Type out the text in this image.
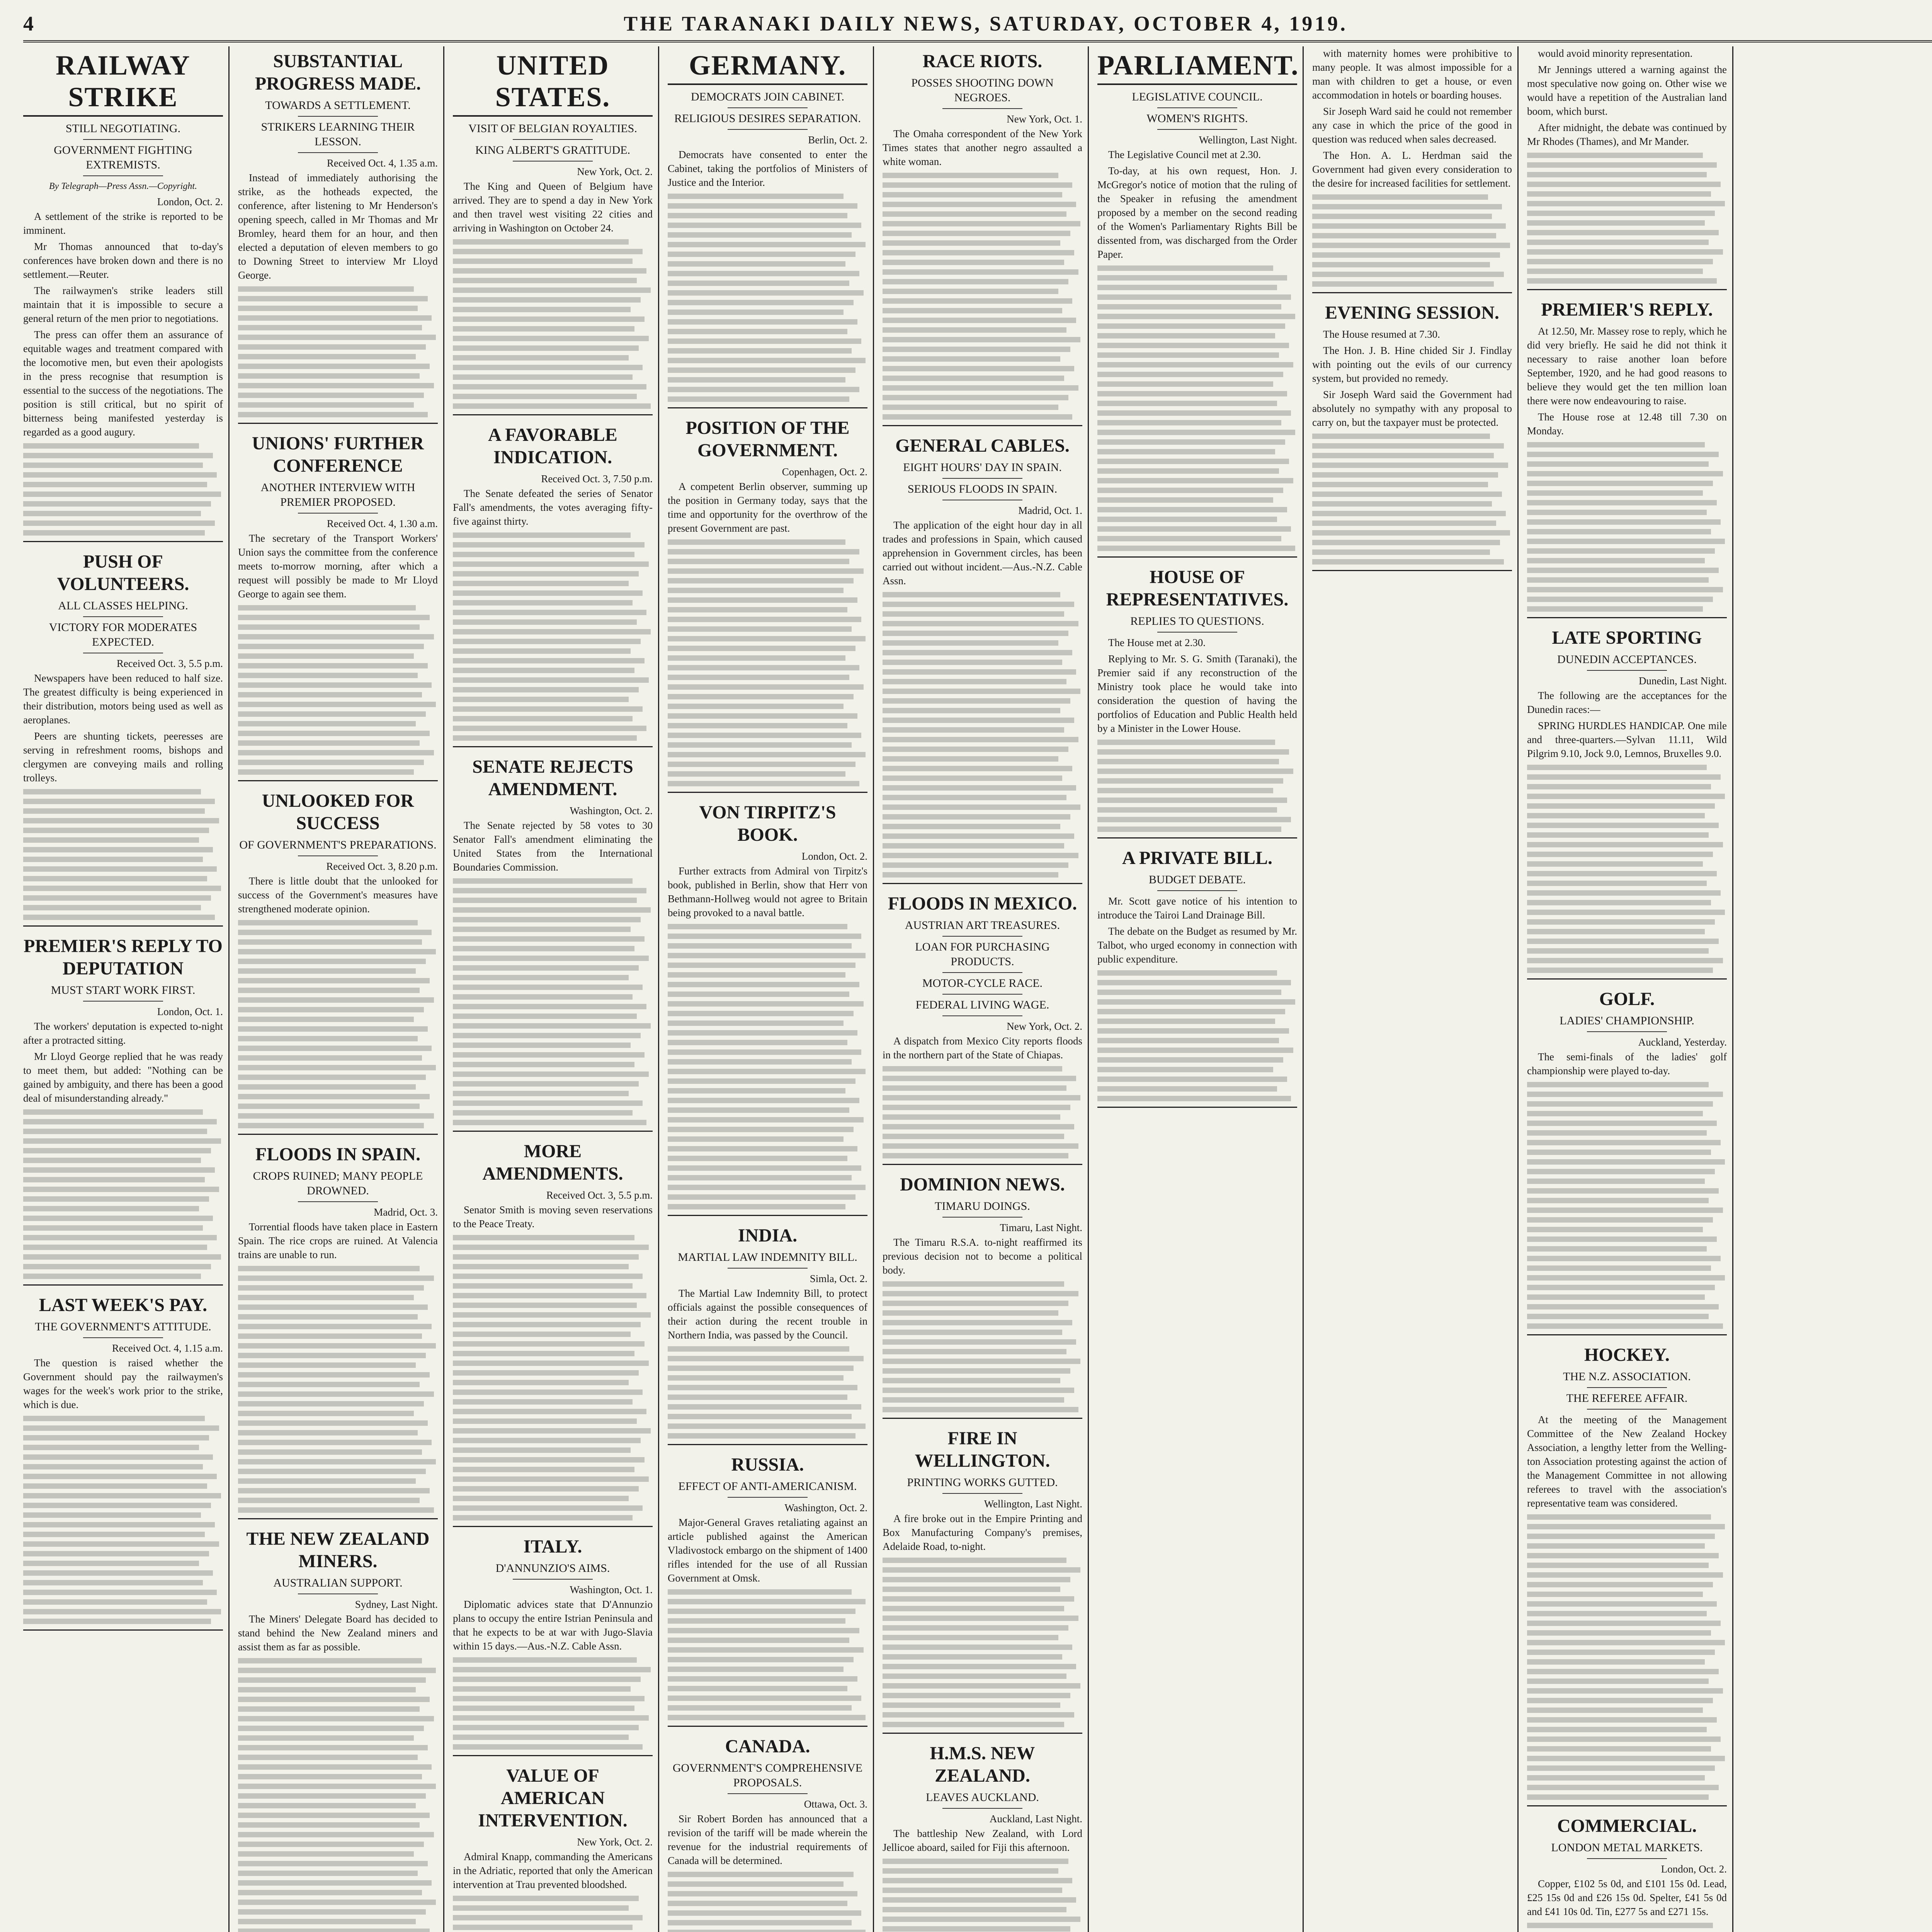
4	THE TARANAKI DAILY NEWS, SATURDAY, OCTOBER 4, 1919.
RAILWAY STRIKE
STILL NEGOTIATING.
GOVERNMENT FIGHTING EXTREMISTS.
By Telegraph—Press Assn.—Copyright.
London, Oct. 2.

A settlement of the strike is reported to be imminent.

Mr Thomas announced that to-day's conferences have broken down and there is no settlement.—Reuter.

The railwaymen's strike leaders still maintain that it is impossible to secure a general return of the men prior to negotiations.

The press can offer them an assurance of equitable wages and treatment compared with the locomotive men, but even their apologists in the press recognise that resumption is essential to the success of the negotiations. The position is still critical, but no spirit of bitterness being manifested yesterday is regarded as a good augury.

PUSH OF VOLUNTEERS.
ALL CLASSES HELPING.
VICTORY FOR MODERATES EXPECTED.
Received Oct. 3, 5.5 p.m.

Newspapers have been reduced to half size. The greatest difficulty is being experienced in their distribution, motors being used as well as aeroplanes.

Peers are shunting tickets, peeresses are serving in refreshment rooms, bishops and clergymen are conveying mails and rolling trolleys.

PREMIER'S REPLY TO DEPUTATION
MUST START WORK FIRST.
London, Oct. 1.

The workers' deputation is expected to-night after a protracted sitting.

Mr Lloyd George replied that he was ready to meet them, but added: "Nothing can be gained by ambiguity, and there has been a good deal of misunderstanding already."

LAST WEEK'S PAY.
THE GOVERNMENT'S ATTITUDE.
Received Oct. 4, 1.15 a.m.

The question is raised whether the Government should pay the railwaymen's wages for the week's work prior to the strike, which is due.

SUBSTANTIAL PROGRESS MADE.
TOWARDS A SETTLEMENT.
STRIKERS LEARNING THEIR LESSON.
Received Oct. 4, 1.35 a.m.

Instead of immediately authorising the strike, as the hotheads expected, the conference, after listening to Mr Henderson's opening speech, called in Mr Thomas and Mr Bromley, heard them for an hour, and then elected a deputation of eleven members to go to Downing Street to interview Mr Lloyd George.

UNIONS' FURTHER CONFERENCE
ANOTHER INTERVIEW WITH PREMIER PROPOSED.
Received Oct. 4, 1.30 a.m.

The secretary of the Transport Workers' Union says the committee from the conference meets to-morrow morning, after which a request will possibly be made to Mr Lloyd George to again see them.

UNLOOKED FOR SUCCESS
OF GOVERNMENT'S PREPARATIONS.
Received Oct. 3, 8.20 p.m.

There is little doubt that the unlooked for success of the Government's measures have strengthened moderate opinion.

FLOODS IN SPAIN.
CROPS RUINED; MANY PEOPLE DROWNED.
Madrid, Oct. 3.

Torrential floods have taken place in Eastern Spain. The rice crops are ruined. At Valencia trains are unable to run.

THE NEW ZEALAND MINERS.
AUSTRALIAN SUPPORT.
Sydney, Last Night.

The Miners' Delegate Board has decided to stand behind the New Zealand miners and assist them as far as possible.

UNITED STATES.
VISIT OF BELGIAN ROYALTIES.
KING ALBERT'S GRATITUDE.
New York, Oct. 2.

The King and Queen of Belgium have arrived. They are to spend a day in New York and then travel west visiting 22 cities and arriving in Washington on October 24.

A FAVORABLE INDICATION.
Received Oct. 3, 7.50 p.m.

The Senate defeated the series of Senator Fall's amendments, the votes averaging fifty-five against thirty.

SENATE REJECTS AMENDMENT.
Washington, Oct. 2.

The Senate rejected by 58 votes to 30 Senator Fall's amendment eliminating the United States from the International Boundaries Commission.

MORE AMENDMENTS.
Received Oct. 3, 5.5 p.m.

Senator Smith is moving seven reservations to the Peace Treaty.

ITALY.
D'ANNUNZIO'S AIMS.
Washington, Oct. 1.

Diplomatic advices state that D'Annunzio plans to occupy the entire Istrian Peninsula and that he expects to be at war with Jugo-Slavia within 15 days.—Aus.-N.Z. Cable Assn.

VALUE OF AMERICAN INTERVENTION.
New York, Oct. 2.

Admiral Knapp, commanding the Americans in the Adriatic, reported that only the American intervention at Trau prevented bloodshed.

GERMANY.
DEMOCRATS JOIN CABINET.
RELIGIOUS DESIRES SEPARATION.
Berlin, Oct. 2.

Democrats have consented to enter the Cabinet, taking the portfolios of Ministers of Justice and the Interior.

POSITION OF THE GOVERNMENT.
Copenhagen, Oct. 2.

A competent Berlin observer, summing up the position in Germany today, says that the time and opportunity for the overthrow of the present Government are past.

VON TIRPITZ'S BOOK.
London, Oct. 2.

Further extracts from Admiral von Tirpitz's book, published in Berlin, show that Herr von Bethmann-Hollweg would not agree to Britain being provoked to a naval battle.

INDIA.
MARTIAL LAW INDEMNITY BILL.
Simla, Oct. 2.

The Martial Law Indemnity Bill, to protect officials against the possible consequences of their action during the recent trouble in Northern India, was passed by the Council.

RUSSIA.
EFFECT OF ANTI-AMERICANISM.
Washington, Oct. 2.

Major-General Graves retaliating against an article published against the American Vladivostock embargo on the shipment of 1400 rifles intended for the use of all Russian Government at Omsk.

CANADA.
GOVERNMENT'S COMPREHENSIVE PROPOSALS.
Ottawa, Oct. 3.

Sir Robert Borden has announced that a revision of the tariff will be made wherein the revenue for the industrial requirements of Canada will be determined.

RACE RIOTS.
POSSES SHOOTING DOWN NEGROES.
New York, Oct. 1.

The Omaha correspondent of the New York Times states that another negro assaulted a white woman.

GENERAL CABLES.
EIGHT HOURS' DAY IN SPAIN.
SERIOUS FLOODS IN SPAIN.
Madrid, Oct. 1.

The application of the eight hour day in all trades and professions in Spain, which caused apprehension in Government circles, has been carried out without incident.—Aus.-N.Z. Cable Assn.

FLOODS IN MEXICO.
AUSTRIAN ART TREASURES.
LOAN FOR PURCHASING PRODUCTS.
MOTOR-CYCLE RACE.
FEDERAL LIVING WAGE.
New York, Oct. 2.

A dispatch from Mexico City reports floods in the northern part of the State of Chiapas.

DOMINION NEWS.
TIMARU DOINGS.
Timaru, Last Night.

The Timaru R.S.A. to-night reaffirmed its previous decision not to become a political body.

FIRE IN WELLINGTON.
PRINTING WORKS GUTTED.
Wellington, Last Night.

A fire broke out in the Empire Printing and Box Manufacturing Company's premises, Adelaide Road, to-night.

H.M.S. NEW ZEALAND.
LEAVES AUCKLAND.
Auckland, Last Night.

The battleship New Zealand, with Lord Jellicoe aboard, sailed for Fiji this afternoon.

PARLIAMENT.
LEGISLATIVE COUNCIL.
WOMEN'S RIGHTS.
Wellington, Last Night.

The Legislative Council met at 2.30.

To-day, at his own request, Hon. J. McGregor's notice of motion that the ruling of the Speaker in refusing the amendment proposed by a member on the second reading of the Women's Parliamentary Rights Bill be dissented from, was discharged from the Order Paper.

HOUSE OF REPRESENTATIVES.
REPLIES TO QUESTIONS.

The House met at 2.30.

Replying to Mr. S. G. Smith (Taranaki), the Premier said if any reconstruction of the Ministry took place he would take into consideration the question of having the portfolios of Education and Public Health held by a Minister in the Lower House.

A PRIVATE BILL.
BUDGET DEBATE.

Mr. Scott gave notice of his intention to introduce the Tairoi Land Drainage Bill.

The debate on the Budget as resumed by Mr. Talbot, who urged economy in connection with public expenditure.

with maternity homes were prohibitive to many people. It was almost impossible for a man with children to get a house, or even accommodation in hotels or boarding houses.

Sir Joseph Ward said he could not remember any case in which the price of the good in question was reduced when sales decreased.

The Hon. A. L. Herdman said the Government had given every consideration to the desire for increased facilities for settlement.

EVENING SESSION.

The House resumed at 7.30.

The Hon. J. B. Hine chided Sir J. Findlay with pointing out the evils of our currency system, but provided no remedy.

Sir Joseph Ward said the Government had absolutely no sympathy with any proposal to carry on, but the taxpayer must be protected.

would avoid minority representation.

Mr Jennings uttered a warning against the most speculative now going on. Other wise we would have a repetition of the Australian land boom, which burst.

After midnight, the debate was continued by Mr Rhodes (Thames), and Mr Mander.

PREMIER'S REPLY.

At 12.50, Mr. Massey rose to reply, which he did very briefly. He said he did not think it necessary to raise another loan before September, 1920, and he had good reasons to believe they would get the ten million loan there were now endeavouring to raise.

The House rose at 12.48 till 7.30 on Monday.

LATE SPORTING
DUNEDIN ACCEPTANCES.
Dunedin, Last Night.

The following are the acceptances for the Dunedin races:—

SPRING HURDLES HANDICAP. One mile and three-quarters.—Sylvan 11.11, Wild Pilgrim 9.10, Jock 9.0, Lemnos, Bruxelles 9.0.

GOLF.
LADIES' CHAMPIONSHIP.
Auckland, Yesterday.

The semi-finals of the ladies' golf championship were played to-day.

HOCKEY.
THE N.Z. ASSOCIATION.
THE REFEREE AFFAIR.

At the meeting of the Management Committee of the New Zealand Hockey Association, a lengthy letter from the Welling-ton Association protesting against the action of the Management Committee in not allowing referees to travel with the association's representative team was considered.

COMMERCIAL.
LONDON METAL MARKETS.
London, Oct. 2.

Copper, £102 5s 0d, and £101 15s 0d. Lead, £25 15s 0d and £26 15s 0d. Spelter, £41 5s 0d and £41 10s 0d. Tin, £277 5s and £271 15s.
